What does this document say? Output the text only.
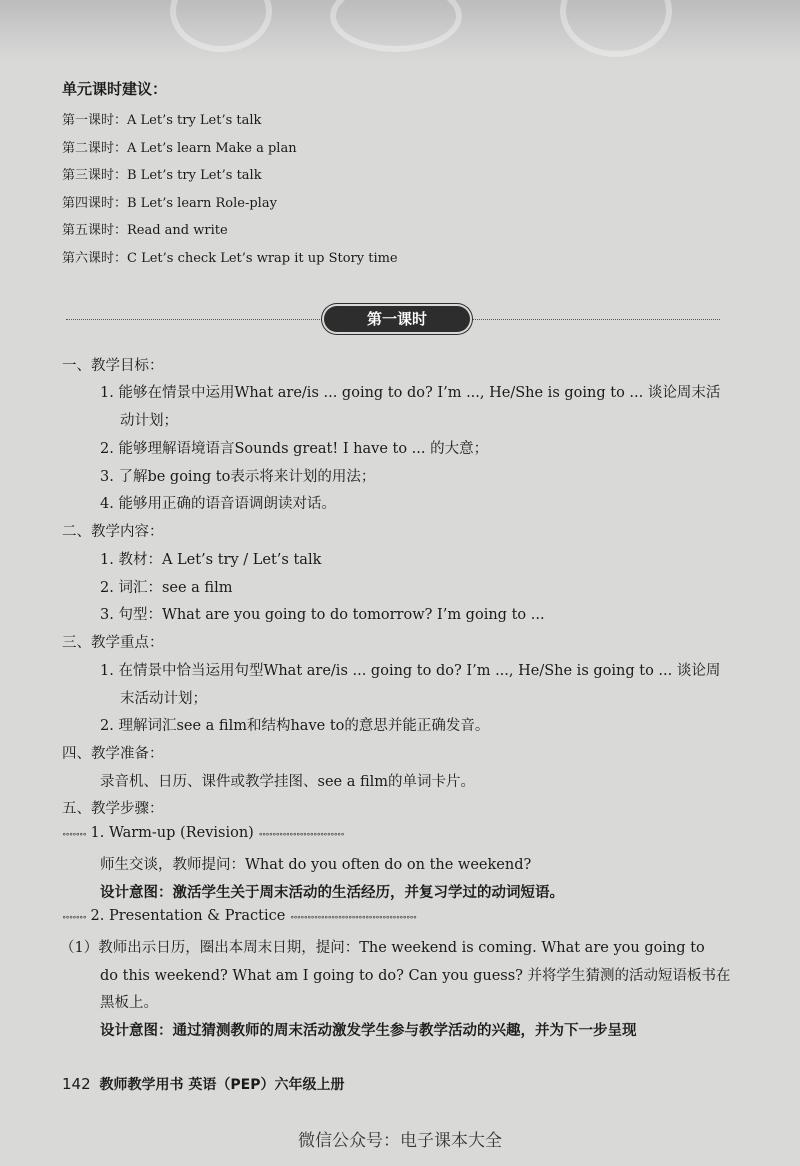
单元课时建议：
第一课时：A Let’s try Let’s talk
第二课时：A Let’s learn Make a plan
第三课时：B Let’s try Let’s talk
第四课时：B Let’s learn Role-play
第五课时：Read and write
第六课时：C Let’s check Let’s wrap it up Story time
第一课时
一、教学目标：
1. 能够在情景中运用What are/is ... going to do? I’m ..., He/She is going to ... 谈论周末活
动计划；
2. 能够理解语境语言Sounds great! I have to ... 的大意；
3. 了解be going to表示将来计划的用法；
4. 能够用正确的语音语调朗读对话。
二、教学内容：
1. 教材：A Let’s try / Let’s talk
2. 词汇：see a film
3. 句型：What are you going to do tomorrow? I’m going to ...
三、教学重点：
1. 在情景中恰当运用句型What are/is ... going to do? I’m ..., He/She is going to ... 谈论周
末活动计划；
2. 理解词汇see a film和结构have to的意思并能正确发音。
四、教学准备：
录音机、日历、课件或教学挂图、see a film的单词卡片。
五、教学步骤：
∘∘∘∘∘∘∘ 1. Warm-up (Revision) ∘∘∘∘∘∘∘∘∘∘∘∘∘∘∘∘∘∘∘∘∘∘∘∘∘
师生交谈，教师提问：What do you often do on the weekend?
设计意图：激活学生关于周末活动的生活经历，并复习学过的动词短语。
∘∘∘∘∘∘∘ 2. Presentation & Practice ∘∘∘∘∘∘∘∘∘∘∘∘∘∘∘∘∘∘∘∘∘∘∘∘∘∘∘∘∘∘∘∘∘∘∘∘∘
（1）教师出示日历，圈出本周末日期，提问：The weekend is coming. What are you going to
do this weekend? What am I going to do? Can you guess? 并将学生猜测的活动短语板书在
黑板上。
设计意图：通过猜测教师的周末活动激发学生参与教学活动的兴趣，并为下一步呈现
142 教师教学用书 英语（PEP）六年级上册
微信公众号：电子课本大全
